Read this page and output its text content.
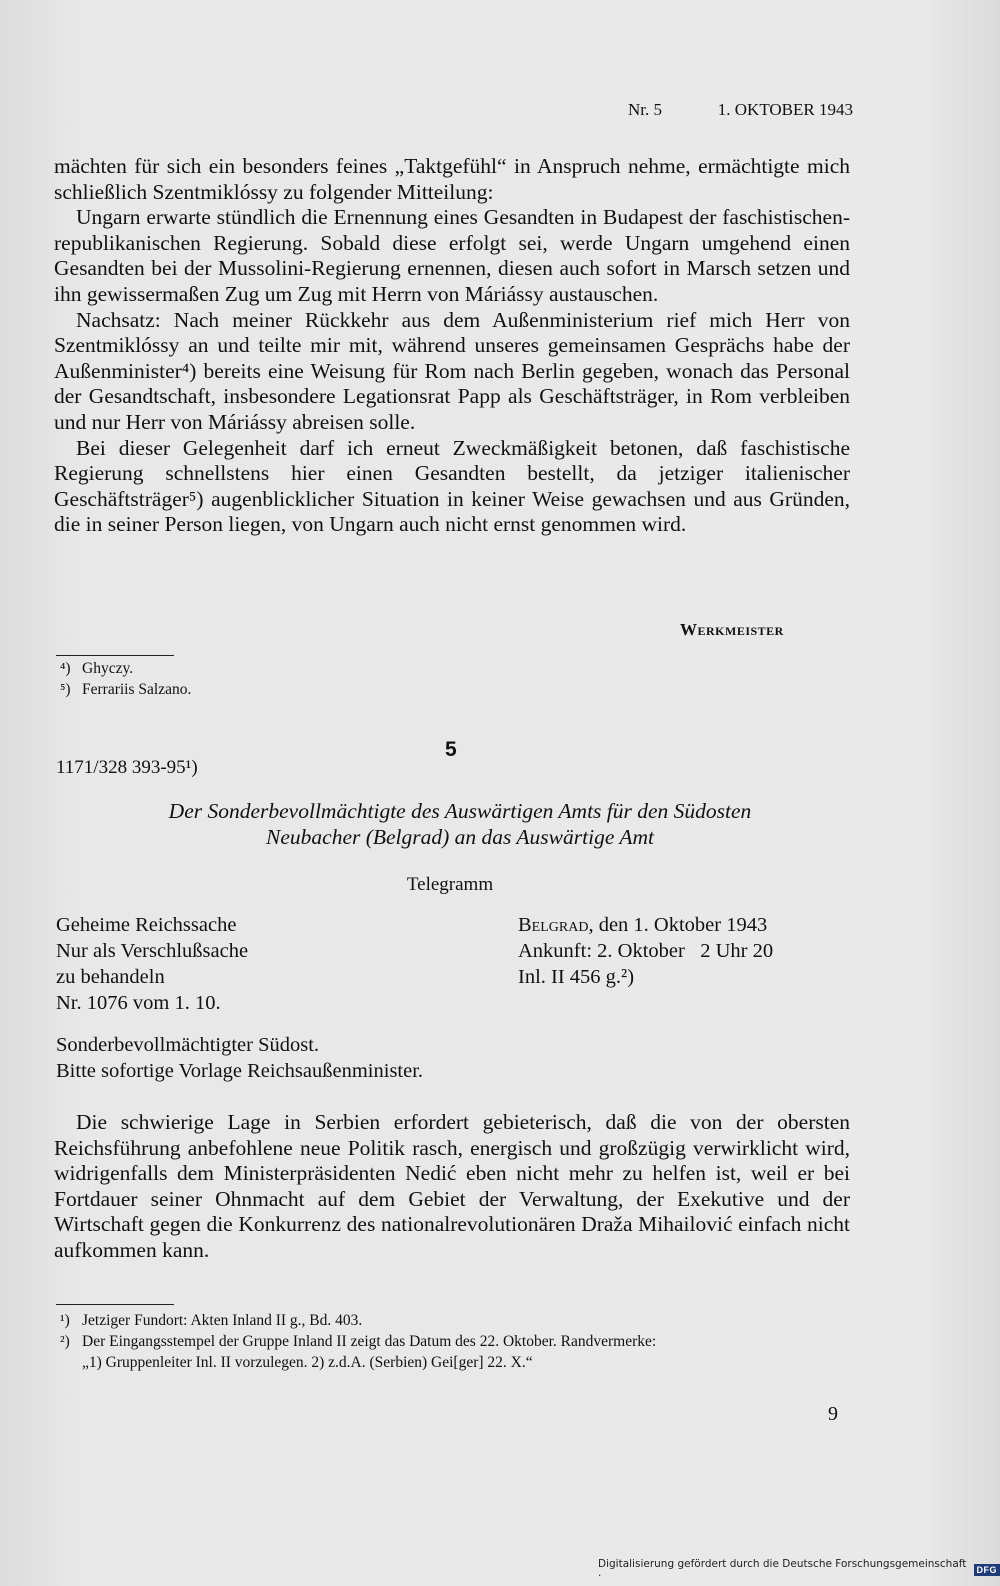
Nr. 5	1. OKTOBER 1943

mächten für sich ein besonders feines „Taktgefühl“ in Anspruch nehme, ermächtigte mich schließlich Szentmiklóssy zu folgender Mitteilung:

Ungarn erwarte stündlich die Ernennung eines Gesandten in Budapest der faschistischen-republikanischen Regierung. Sobald diese erfolgt sei, werde Ungarn umgehend einen Gesandten bei der Mussolini-Regierung ernennen, diesen auch sofort in Marsch setzen und ihn gewissermaßen Zug um Zug mit Herrn von Máriássy austauschen.

Nachsatz: Nach meiner Rückkehr aus dem Außenministerium rief mich Herr von Szentmiklóssy an und teilte mir mit, während unseres gemeinsamen Gesprächs habe der Außenminister⁴) bereits eine Weisung für Rom nach Berlin gegeben, wonach das Personal der Gesandtschaft, insbesondere Legationsrat Papp als Geschäftsträger, in Rom verbleiben und nur Herr von Máriássy abreisen solle.

Bei dieser Gelegenheit darf ich erneut Zweckmäßigkeit betonen, daß faschistische Regierung schnellstens hier einen Gesandten bestellt, da jetziger italienischer Geschäftsträger⁵) augenblicklicher Situation in keiner Weise gewachsen und aus Gründen, die in seiner Person liegen, von Ungarn auch nicht ernst genommen wird.

Werkmeister
⁴) Ghyczy.
⁵) Ferrariis Salzano.
5
1171/328 393-95¹)
Der Sonderbevollmächtigte des Auswärtigen Amts für den Südosten
Neubacher (Belgrad) an das Auswärtige Amt
Telegramm
Geheime Reichssache
Nur als Verschlußsache
zu behandeln
Nr. 1076 vom 1. 10.
Belgrad, den 1. Oktober 1943
Ankunft: 2. Oktober   2 Uhr 20
Inl. II 456 g.²)
Sonderbevollmächtigter Südost.
Bitte sofortige Vorlage Reichsaußenminister.

Die schwierige Lage in Serbien erfordert gebieterisch, daß die von der obersten Reichsführung anbefohlene neue Politik rasch, energisch und großzügig verwirklicht wird, widrigenfalls dem Ministerpräsidenten Nedić eben nicht mehr zu helfen ist, weil er bei Fortdauer seiner Ohnmacht auf dem Gebiet der Verwaltung, der Exekutive und der Wirtschaft gegen die Konkurrenz des nationalrevolutionären Draža Mihailović einfach nicht aufkommen kann.

¹) Jetziger Fundort: Akten Inland II g., Bd. 403.
²) Der Eingangsstempel der Gruppe Inland II zeigt das Datum des 22. Oktober. Randvermerke:
„1) Gruppenleiter Inl. II vorzulegen. 2) z.d.A. (Serbien) Gei[ger] 22. X.“
9
Digitalisierung gefördert durch die Deutsche Forschungsgemeinschaft ·	DFG
